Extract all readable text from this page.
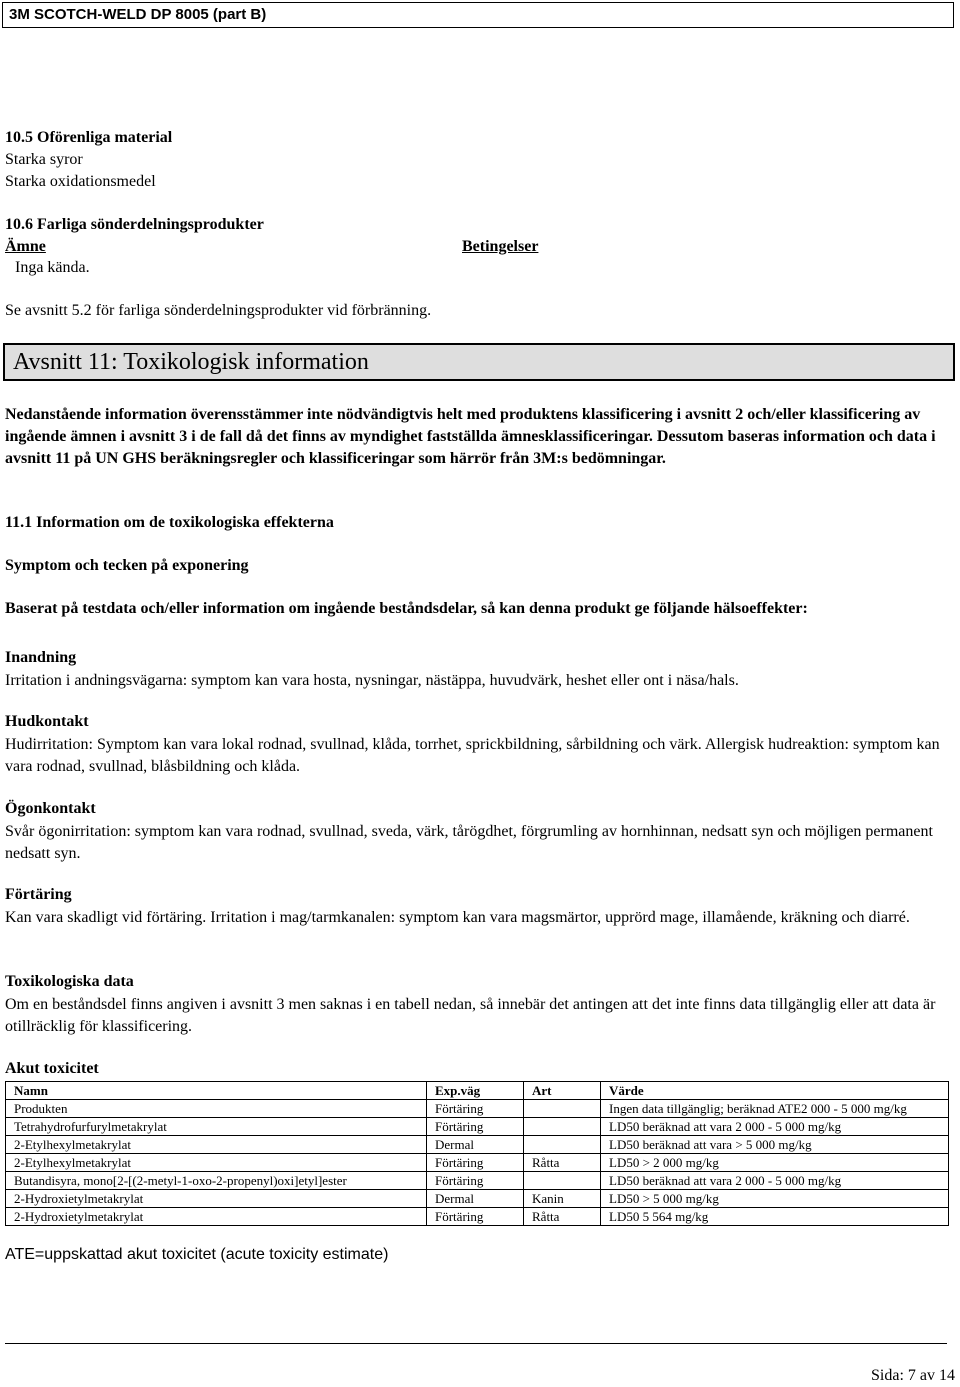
3M SCOTCH-WELD DP 8005 (part B)
10.5 Oförenliga material
Starka syror
Starka oxidationsmedel
10.6 Farliga sönderdelningsprodukter
Ämne	Betingelser
Inga kända.
Se avsnitt 5.2 för farliga sönderdelningsprodukter vid förbränning.
Avsnitt 11: Toxikologisk information
Nedanstående information överensstämmer inte nödvändigtvis helt med produktens klassificering i avsnitt 2 och/eller klassificering av ingående ämnen i avsnitt 3 i de fall då det finns av myndighet fastställda ämnesklassificeringar. Dessutom baseras information och data i avsnitt 11 på UN GHS beräkningsregler och klassificeringar som härrör från 3M:s bedömningar.
11.1 Information om de toxikologiska effekterna
Symptom och tecken på exponering
Baserat på testdata och/eller information om ingående beståndsdelar, så kan denna produkt ge följande hälsoeffekter:
Inandning
Irritation i andningsvägarna: symptom kan vara hosta, nysningar, nästäppa, huvudvärk, heshet eller ont i näsa/hals.
Hudkontakt
Hudirritation: Symptom kan vara lokal rodnad, svullnad, klåda, torrhet, sprickbildning, sårbildning och värk. Allergisk hudreaktion: symptom kan vara rodnad, svullnad, blåsbildning och klåda.
Ögonkontakt
Svår ögonirritation: symptom kan vara rodnad, svullnad, sveda, värk, tårögdhet, förgrumling av hornhinnan, nedsatt syn och möjligen permanent nedsatt syn.
Förtäring
Kan vara skadligt vid förtäring. Irritation i mag/tarmkanalen: symptom kan vara magsmärtor, upprörd mage, illamående, kräkning och diarré.
Toxikologiska data
Om en beståndsdel finns angiven i avsnitt 3 men saknas i en tabell nedan, så innebär det antingen att det inte finns data tillgänglig eller att data är otillräcklig för klassificering.
Akut toxicitet
Namn	Exp.väg	Art	Värde
Produkten	Förtäring		Ingen data tillgänglig; beräknad ATE2 000 - 5 000 mg/kg
Tetrahydrofurfurylmetakrylat	Förtäring		LD50 beräknad att vara 2 000 - 5 000 mg/kg
2-Etylhexylmetakrylat	Dermal		LD50 beräknad att vara > 5 000 mg/kg
2-Etylhexylmetakrylat	Förtäring	Råtta	LD50 > 2 000 mg/kg
Butandisyra, mono[2-[(2-metyl-1-oxo-2-propenyl)oxi]etyl]ester	Förtäring		LD50 beräknad att vara 2 000 - 5 000 mg/kg
2-Hydroxietylmetakrylat	Dermal	Kanin	LD50 > 5 000 mg/kg
2-Hydroxietylmetakrylat	Förtäring	Råtta	LD50 5 564 mg/kg
ATE=uppskattad akut toxicitet (acute toxicity estimate)
Sida: 7 av 14
